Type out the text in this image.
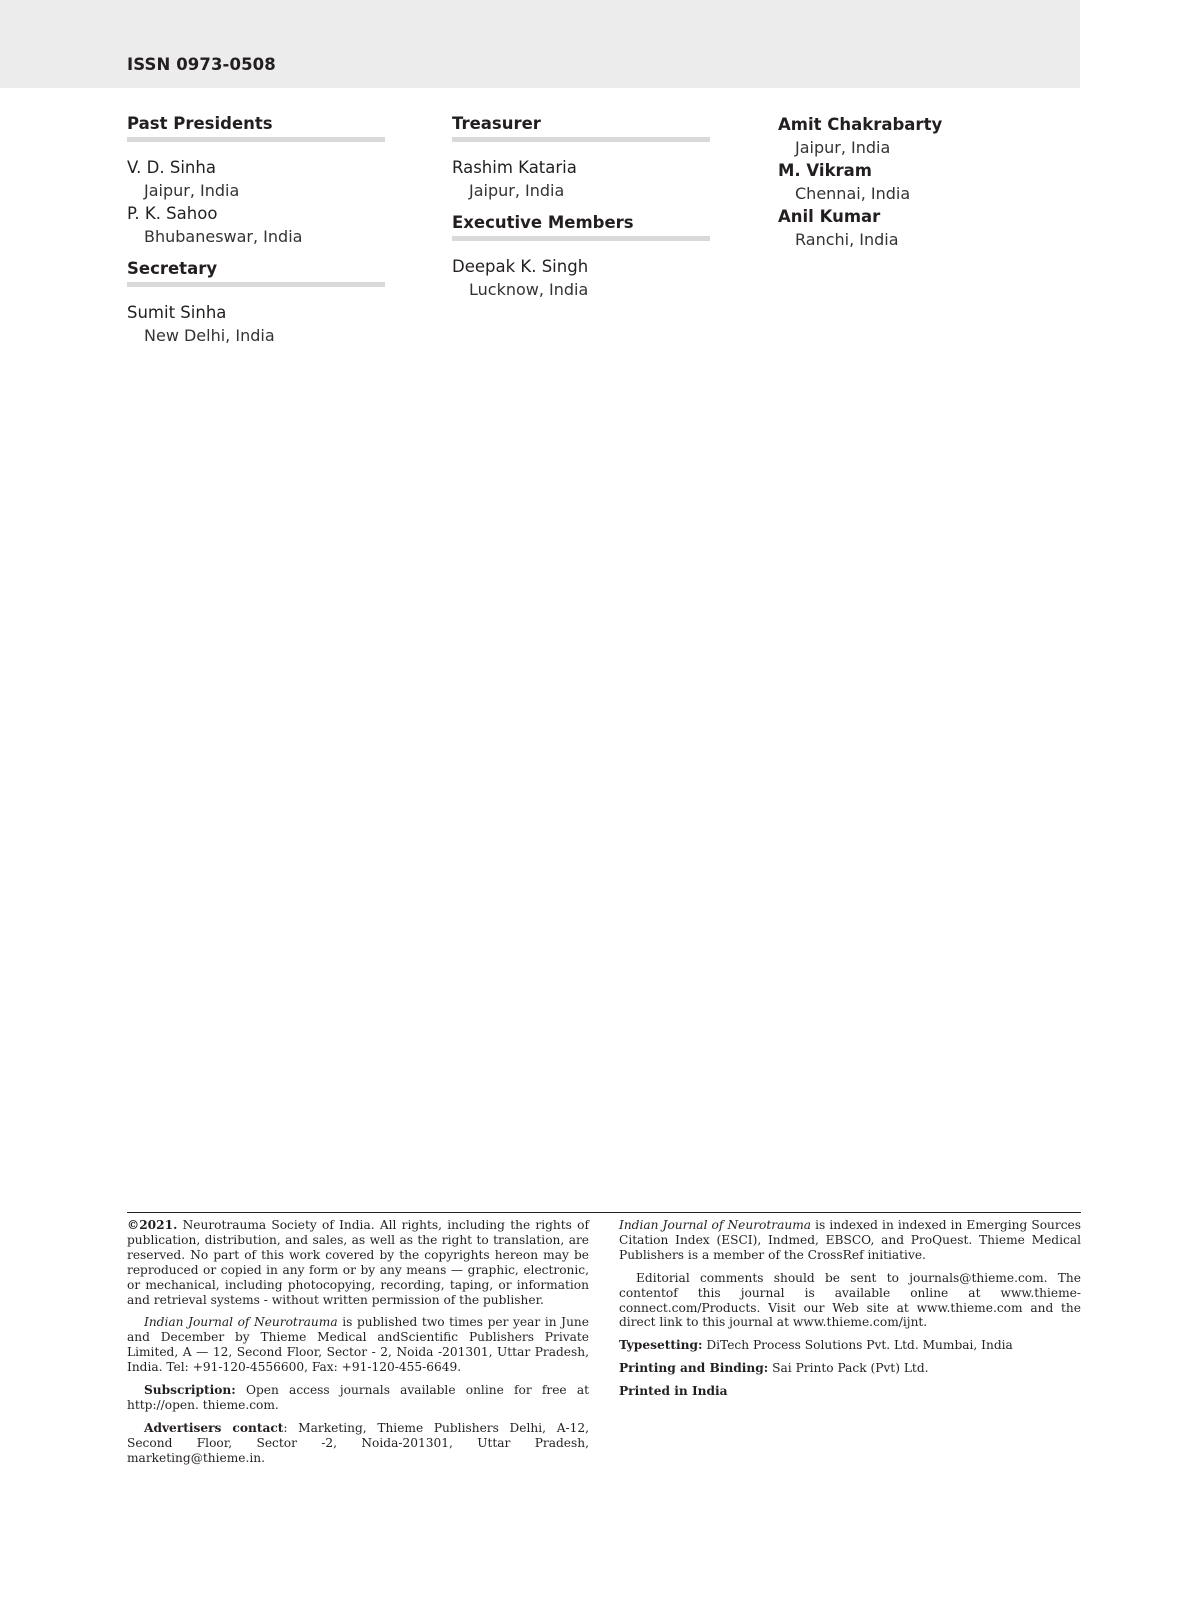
ISSN 0973-0508
Past Presidents
V. D. Sinha
Jaipur, India
P. K. Sahoo
Bhubaneswar, India
Secretary
Sumit Sinha
New Delhi, India
Treasurer
Rashim Kataria
Jaipur, India
Executive Members
Deepak K. Singh
Lucknow, India
Amit Chakrabarty
Jaipur, India
M. Vikram
Chennai, India
Anil Kumar
Ranchi, India

©2021. Neurotrauma Society of India. All rights, including the rights of publication, distribution, and sales, as well as the right to translation, are reserved. No part of this work covered by the copyrights hereon may be reproduced or copied in any form or by any means — graphic, electronic, or mechanical, including photocopying, recording, taping, or information and retrieval systems - without written permission of the publisher.

Indian Journal of Neurotrauma is published two times per year in June and December by Thieme Medical andScientific Publishers Private Limited, A — 12, Second Floor, Sector - 2, Noida -201301, Uttar Pradesh, India. Tel: +91-120-4556600, Fax: +91-120-455-6649.

Subscription: Open access journals available online for free at http://open. thieme.com.

Advertisers contact: Marketing, Thieme Publishers Delhi, A-12, Second Floor, Sector -2, Noida-201301, Uttar Pradesh, marketing@thieme.in.

Indian Journal of Neurotrauma is indexed in indexed in Emerging Sources Citation Index (ESCI), Indmed, EBSCO, and ProQuest. Thieme Medical Publishers is a member of the CrossRef initiative.

Editorial comments should be sent to journals@thieme.com. The contentof this journal is available online at www.thieme-connect.com/Products. Visit our Web site at www.thieme.com and the direct link to this journal at www.thieme.com/ijnt.

Typesetting: DiTech Process Solutions Pvt. Ltd. Mumbai, India

Printing and Binding: Sai Printo Pack (Pvt) Ltd.

Printed in India
